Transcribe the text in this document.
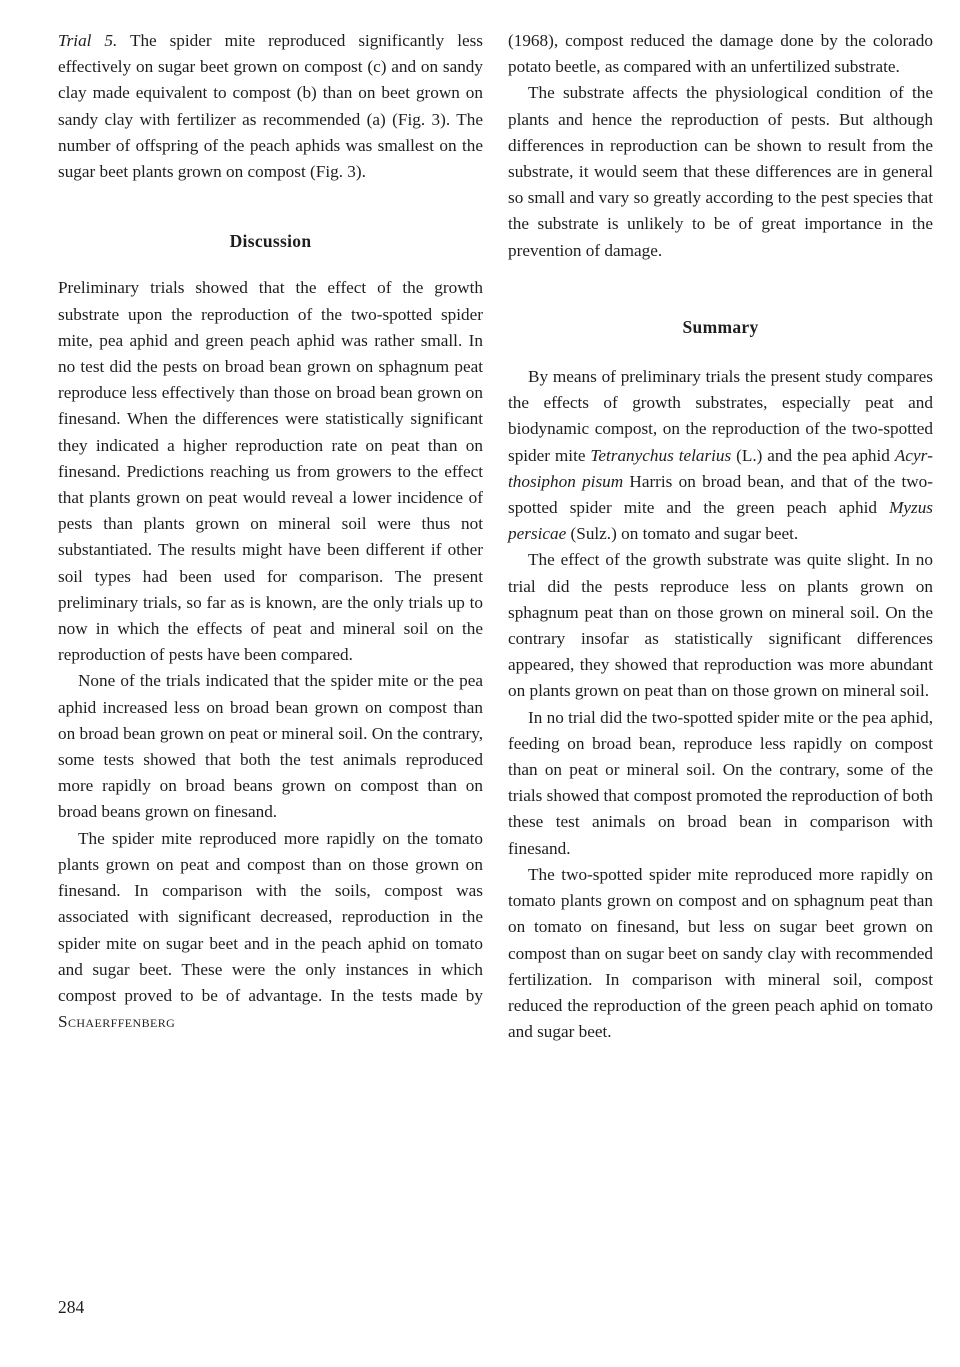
Trial 5. The spider mite reproduced significantly less effectively on sugar beet grown on compost (c) and on sandy clay made equivalent to compost (b) than on beet grown on sandy clay with fertilizer as recommended (a) (Fig. 3). The number of offspring of the peach aphids was smallest on the sugar beet plants grown on compost (Fig. 3).

Discussion

Preliminary trials showed that the effect of the growth substrate upon the reproduction of the two-spotted spider mite, pea aphid and green peach aphid was rather small. In no test did the pests on broad bean grown on sphagnum peat reproduce less effectively than those on broad bean grown on finesand. When the differences were statistically significant they indicated a higher reproduction rate on peat than on finesand. Predictions reaching us from growers to the effect that plants grown on peat would reveal a lower incidence of pests than plants grown on mineral soil were thus not substantiated. The results might have been different if other soil types had been used for comparison. The present preliminary trials, so far as is known, are the only trials up to now in which the effects of peat and mineral soil on the reproduction of pests have been compared.

None of the trials indicated that the spider mite or the pea aphid increased less on broad bean grown on compost than on broad bean grown on peat or mineral soil. On the contrary, some tests showed that both the test animals reproduced more rapidly on broad beans grown on compost than on broad beans grown on finesand.

The spider mite reproduced more rapidly on the tomato plants grown on peat and compost than on those grown on finesand. In comparison with the soils, compost was associated with significant decreased, reproduction in the spider mite on sugar beet and in the peach aphid on tomato and sugar beet. These were the only instances in which compost proved to be of advantage. In the tests made by Schaerffenberg

(1968), compost reduced the damage done by the colorado potato beetle, as compared with an unfertilized substrate.

The substrate affects the physiological condition of the plants and hence the reproduction of pests. But although differences in reproduction can be shown to result from the substrate, it would seem that these differences are in general so small and vary so greatly according to the pest species that the substrate is unlikely to be of great importance in the prevention of damage.

Summary

By means of preliminary trials the present study compares the effects of growth substrates, especially peat and biodynamic compost, on the reproduction of the two-spotted spider mite Tetranychus telarius (L.) and the pea aphid Acyrthosiphon pisum Harris on broad bean, and that of the two-spotted spider mite and the green peach aphid Myzus persicae (Sulz.) on tomato and sugar beet.

The effect of the growth substrate was quite slight. In no trial did the pests reproduce less on plants grown on sphagnum peat than on those grown on mineral soil. On the contrary insofar as statistically significant differences appeared, they showed that reproduction was more abundant on plants grown on peat than on those grown on mineral soil.

In no trial did the two-spotted spider mite or the pea aphid, feeding on broad bean, reproduce less rapidly on compost than on peat or mineral soil. On the contrary, some of the trials showed that compost promoted the reproduction of both these test animals on broad bean in comparison with finesand.

The two-spotted spider mite reproduced more rapidly on tomato plants grown on compost and on sphagnum peat than on tomato on finesand, but less on sugar beet grown on compost than on sugar beet on sandy clay with recommended fertilization. In comparison with mineral soil, compost reduced the reproduction of the green peach aphid on tomato and sugar beet.

284
